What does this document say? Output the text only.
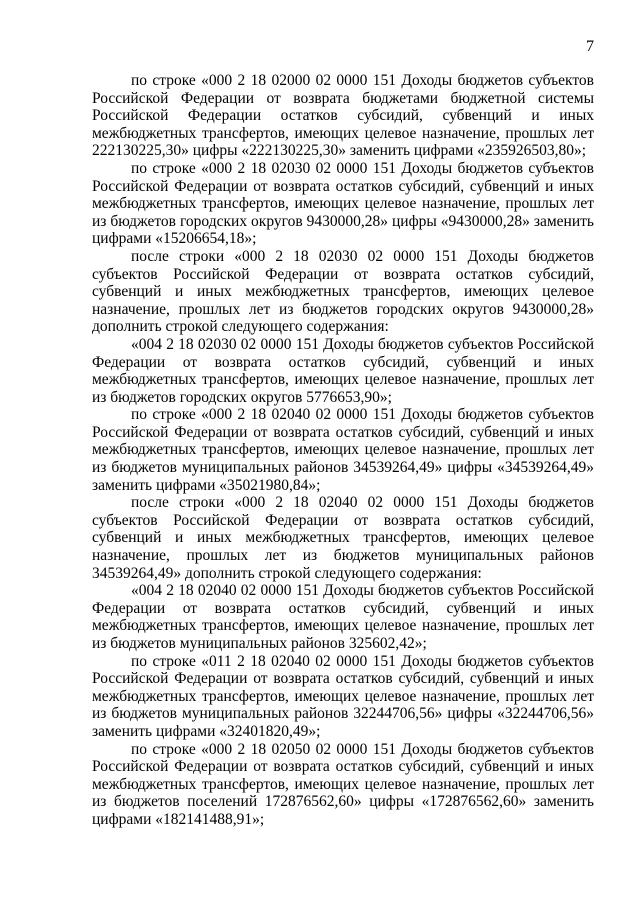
7

по строке «000 2 18 02000 02 0000 151 Доходы бюджетов субъектов Российской Федерации от возврата бюджетами бюджетной системы Российской Федерации остатков субсидий, субвенций и иных межбюджетных трансфертов, имеющих целевое назначение, прошлых лет 222130225,30» цифры «222130225,30» заменить цифрами «235926503,80»;

по строке «000 2 18 02030 02 0000 151 Доходы бюджетов субъектов Российской Федерации от возврата остатков субсидий, субвенций и иных межбюджетных трансфертов, имеющих целевое назначение, прошлых лет из бюджетов городских округов 9430000,28» цифры «9430000,28» заменить цифрами «15206654,18»;

после строки «000 2 18 02030 02 0000 151 Доходы бюджетов субъектов Российской Федерации от возврата остатков субсидий, субвенций и иных межбюджетных трансфертов, имеющих целевое назначение, прошлых лет из бюджетов городских округов 9430000,28» дополнить строкой следующего содержания:

«004 2 18 02030 02 0000 151 Доходы бюджетов субъектов Российской Федерации от возврата остатков субсидий, субвенций и иных межбюджетных трансфертов, имеющих целевое назначение, прошлых лет из бюджетов городских округов 5776653,90»;

по строке «000 2 18 02040 02 0000 151 Доходы бюджетов субъектов Российской Федерации от возврата остатков субсидий, субвенций и иных межбюджетных трансфертов, имеющих целевое назначение, прошлых лет из бюджетов муниципальных районов 34539264,49» цифры «34539264,49» заменить цифрами «35021980,84»;

после строки «000 2 18 02040 02 0000 151 Доходы бюджетов субъектов Российской Федерации от возврата остатков субсидий, субвенций и иных межбюджетных трансфертов, имеющих целевое назначение, прошлых лет из бюджетов муниципальных районов 34539264,49» дополнить строкой следующего содержания:

«004 2 18 02040 02 0000 151 Доходы бюджетов субъектов Российской Федерации от возврата остатков субсидий, субвенций и иных межбюджетных трансфертов, имеющих целевое назначение, прошлых лет из бюджетов муниципальных районов 325602,42»;

по строке «011 2 18 02040 02 0000 151 Доходы бюджетов субъектов Российской Федерации от возврата остатков субсидий, субвенций и иных межбюджетных трансфертов, имеющих целевое назначение, прошлых лет из бюджетов муниципальных районов 32244706,56» цифры «32244706,56» заменить цифрами «32401820,49»;

по строке «000 2 18 02050 02 0000 151 Доходы бюджетов субъектов Российской Федерации от возврата остатков субсидий, субвенций и иных межбюджетных трансфертов, имеющих целевое назначение, прошлых лет из бюджетов поселений 172876562,60» цифры «172876562,60» заменить цифрами «182141488,91»;
